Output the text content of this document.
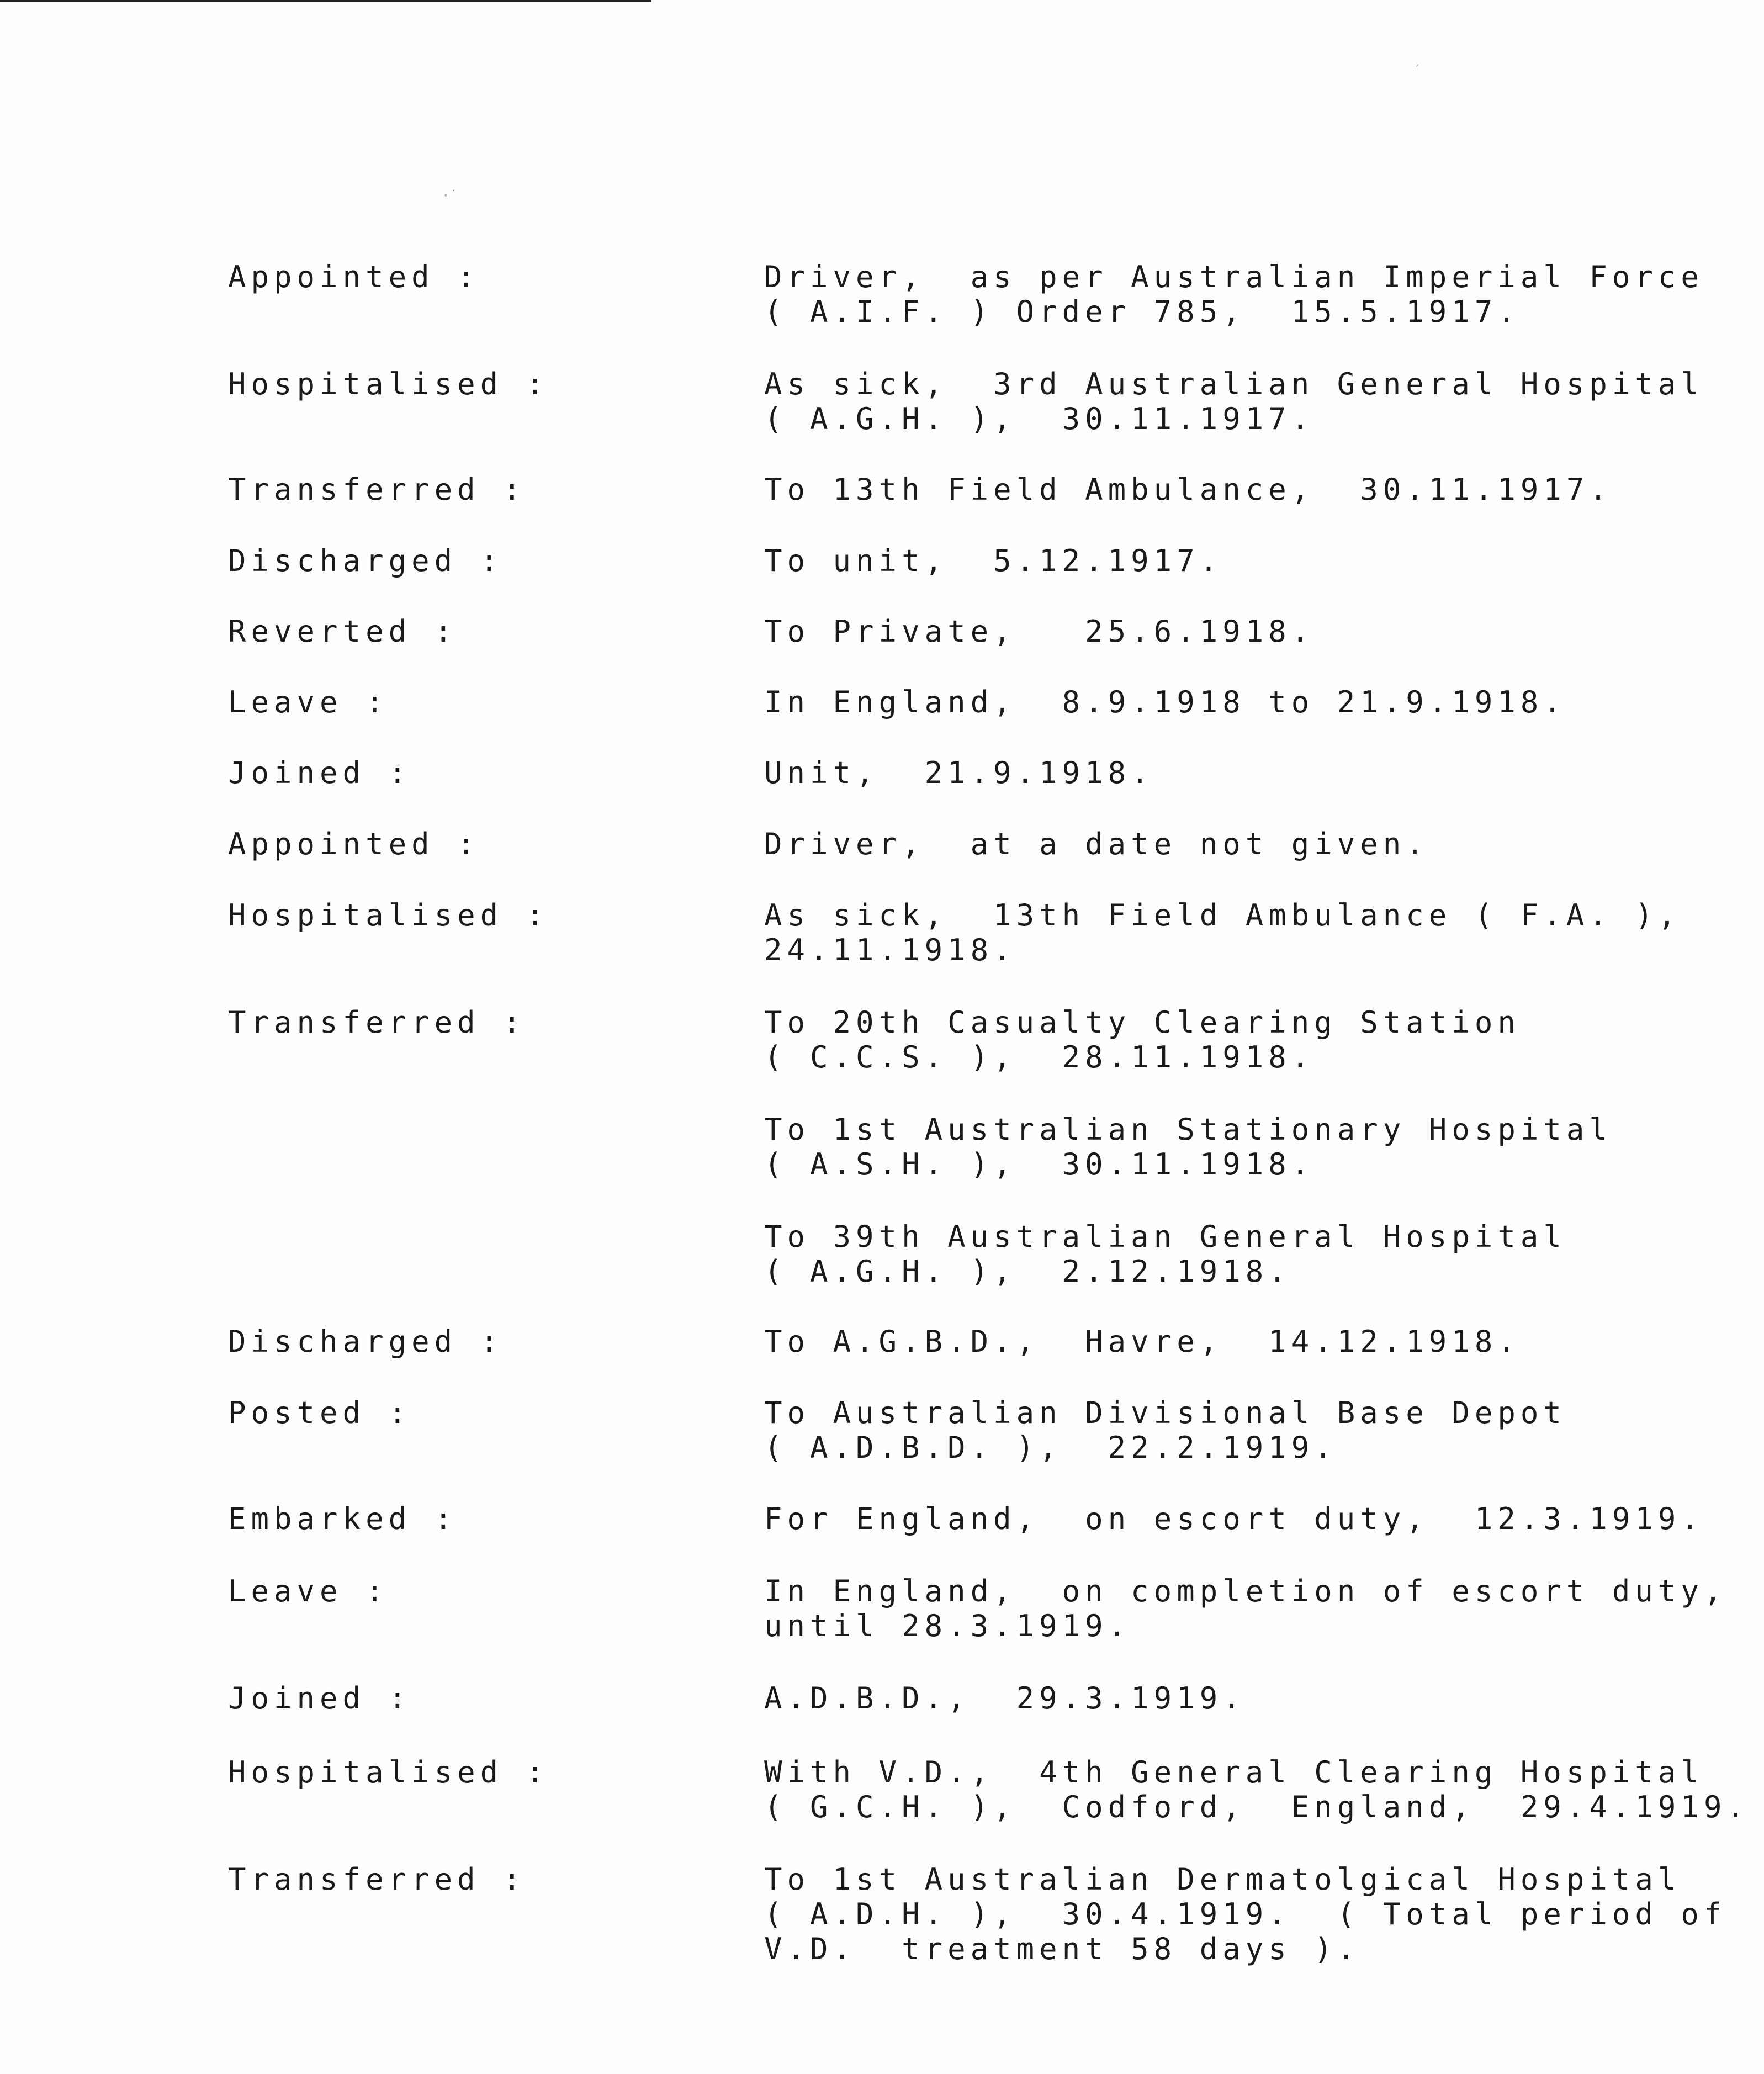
·˙
′
Appointed :	Driver,  as per Australian Imperial Force
( A.I.F. ) Order 785,  15.5.1917.
Hospitalised :	As sick,  3rd Australian General Hospital
( A.G.H. ),  30.11.1917.
Transferred :	To 13th Field Ambulance,  30.11.1917.
Discharged :	To unit,  5.12.1917.
Reverted :	To Private,   25.6.1918.
Leave :	In England,  8.9.1918 to 21.9.1918.
Joined :	Unit,  21.9.1918.
Appointed :	Driver,  at a date not given.
Hospitalised :	As sick,  13th Field Ambulance ( F.A. ),
24.11.1918.
Transferred :	To 20th Casualty Clearing Station
( C.C.S. ),  28.11.1918.
To 1st Australian Stationary Hospital
( A.S.H. ),  30.11.1918.
To 39th Australian General Hospital
( A.G.H. ),  2.12.1918.
Discharged :	To A.G.B.D.,  Havre,  14.12.1918.
Posted :	To Australian Divisional Base Depot
( A.D.B.D. ),  22.2.1919.
Embarked :	For England,  on escort duty,  12.3.1919.
Leave :	In England,  on completion of escort duty,
until 28.3.1919.
Joined :	A.D.B.D.,  29.3.1919.
Hospitalised :	With V.D.,  4th General Clearing Hospital
( G.C.H. ),  Codford,  England,  29.4.1919.
Transferred :	To 1st Australian Dermatolgical Hospital
( A.D.H. ),  30.4.1919.  ( Total period of
V.D.  treatment 58 days ).
